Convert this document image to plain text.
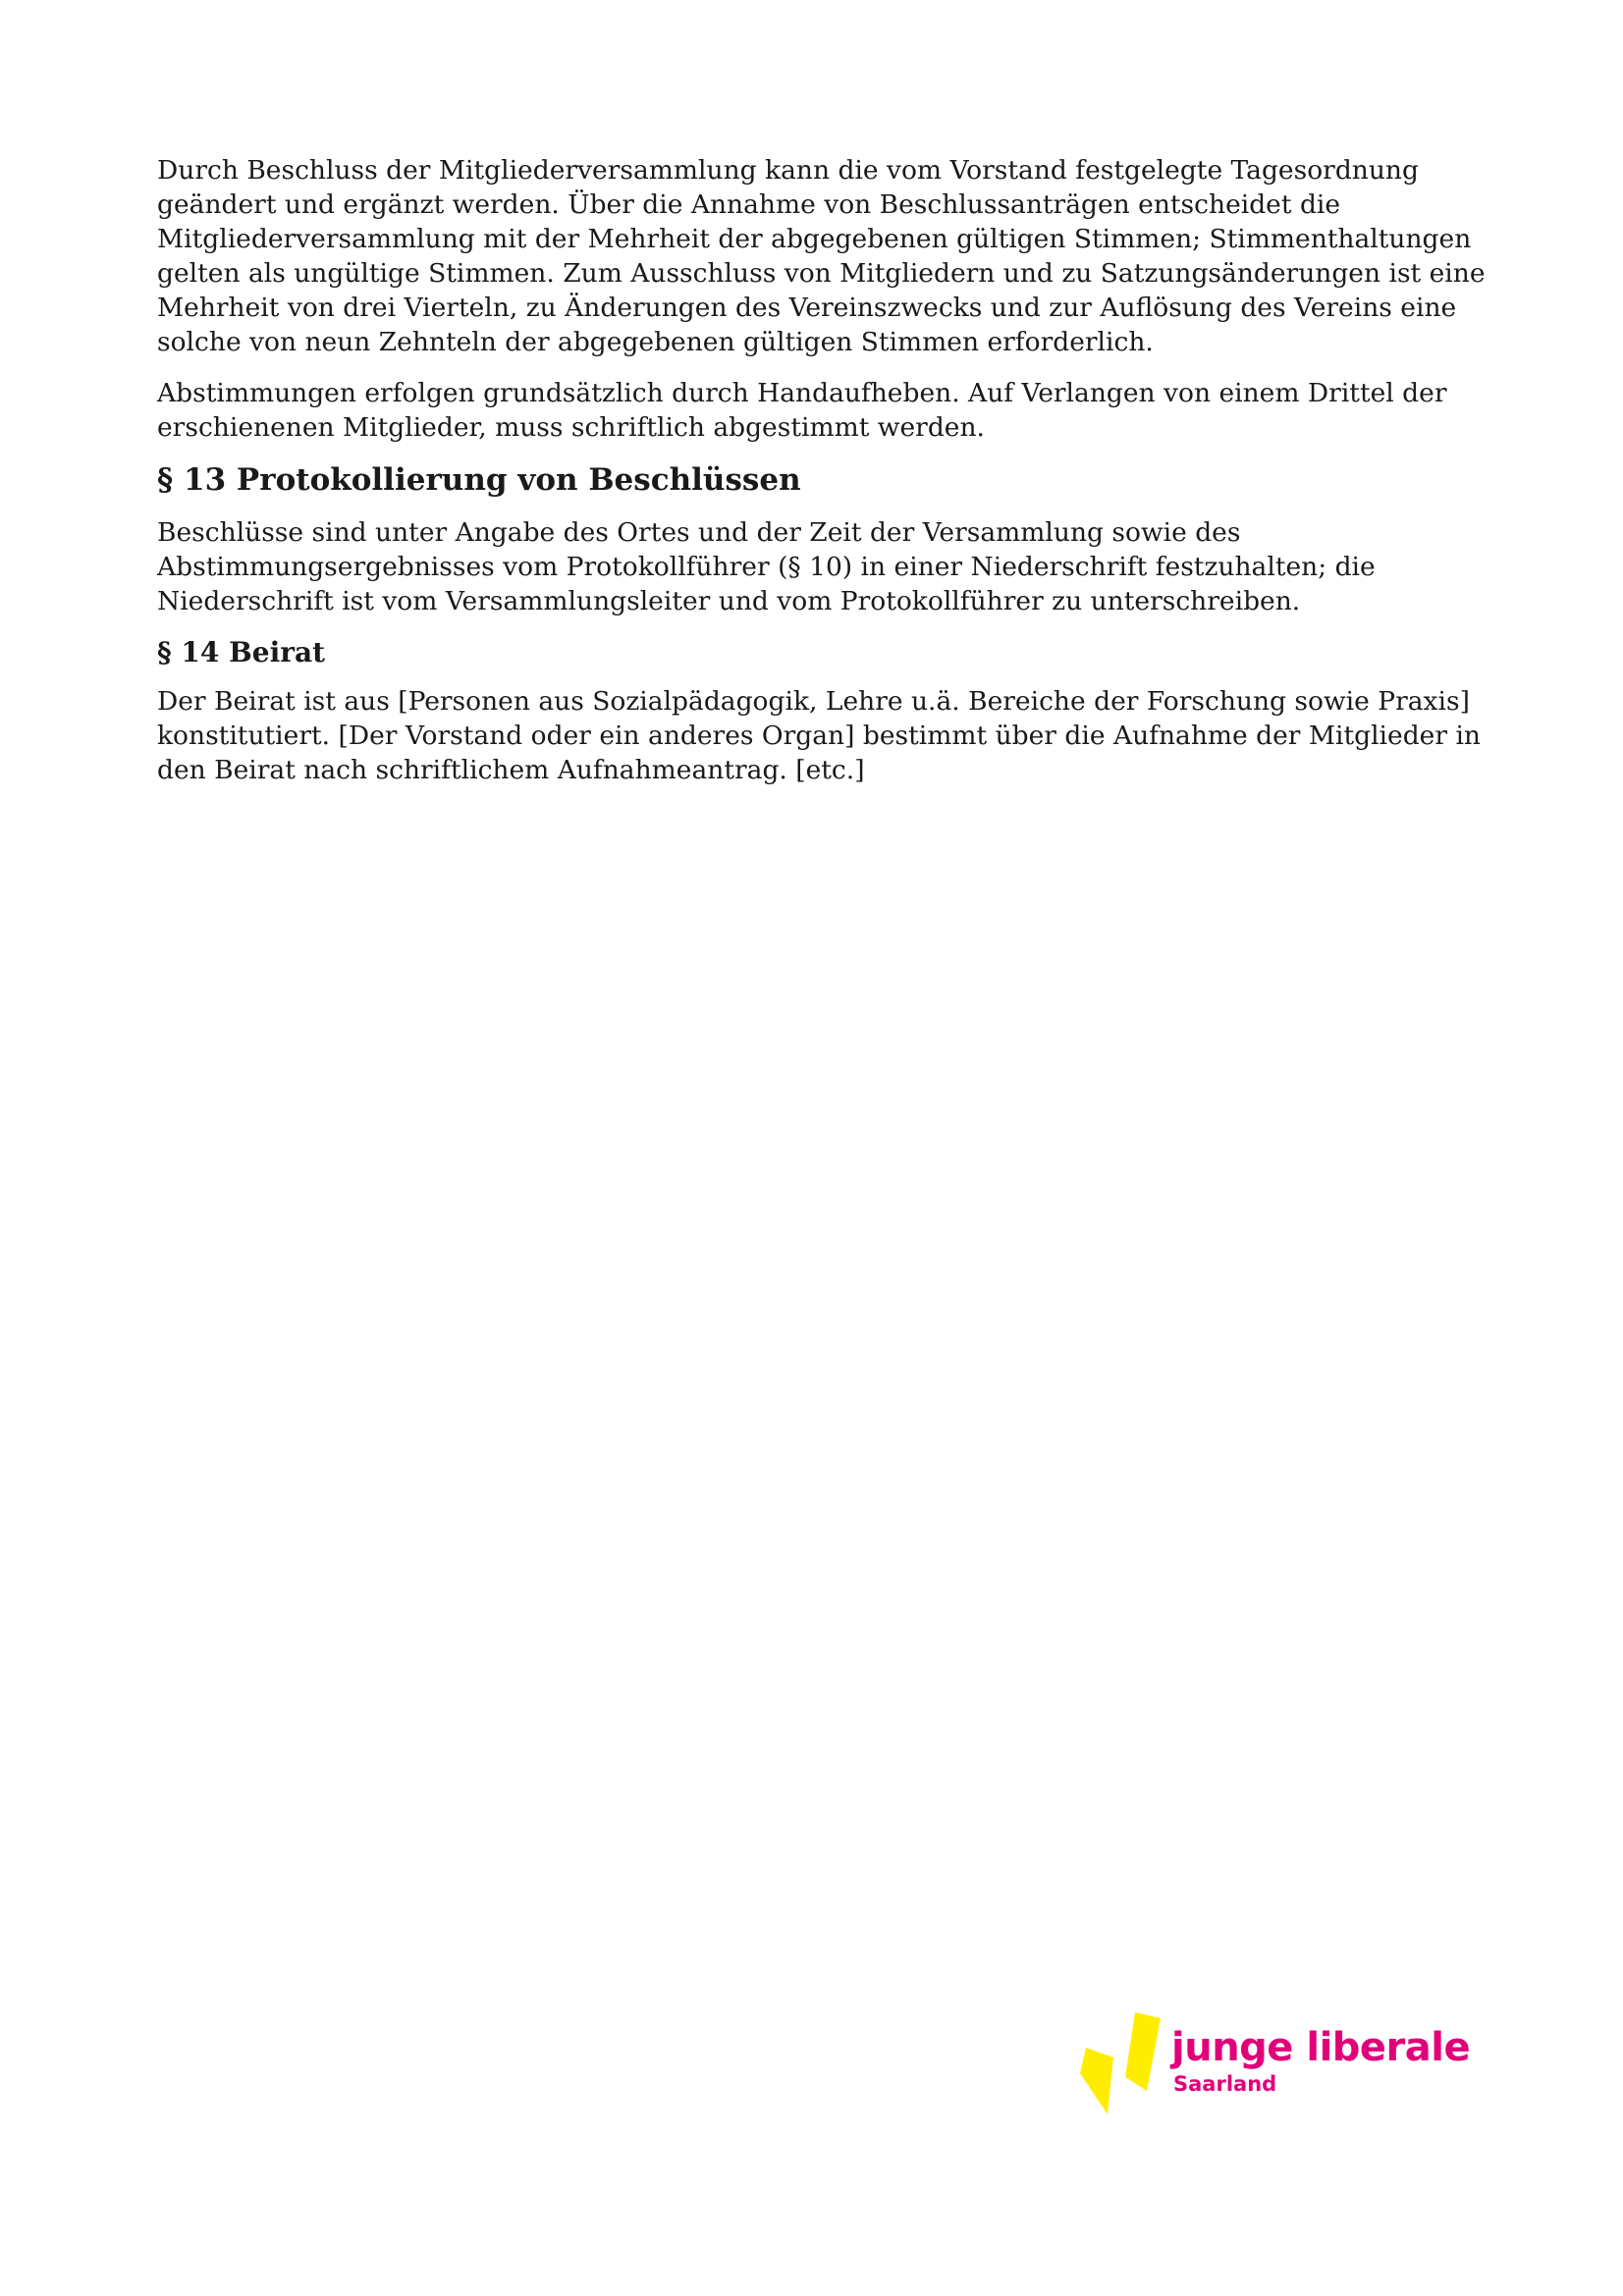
Durch Beschluss der Mitgliederversammlung kann die vom Vorstand festgelegte Tagesordnung geändert und ergänzt werden. Über die Annahme von Beschlussanträgen entscheidet die Mitgliederversammlung mit der Mehrheit der abgegebenen gültigen Stimmen; Stimmenthaltungen gelten als ungültige Stimmen. Zum Ausschluss von Mitgliedern und zu Satzungsänderungen ist eine Mehrheit von drei Vierteln, zu Änderungen des Vereinszwecks und zur Auflösung des Vereins eine solche von neun Zehnteln der abgegebenen gültigen Stimmen erforderlich.

Abstimmungen erfolgen grundsätzlich durch Handaufheben. Auf Verlangen von einem Drittel der erschienenen Mitglieder, muss schriftlich abgestimmt werden.

§ 13 Protokollierung von Beschlüssen

Beschlüsse sind unter Angabe des Ortes und der Zeit der Versammlung sowie des Abstimmungsergebnisses vom Protokollführer (§ 10) in einer Niederschrift festzuhalten; die Niederschrift ist vom Versammlungsleiter und vom Protokollführer zu unterschreiben.

§ 14 Beirat

Der Beirat ist aus [Personen aus Sozialpädagogik, Lehre u.ä. Bereiche der Forschung sowie Praxis] konstitutiert. [Der Vorstand oder ein anderes Organ] bestimmt über die Aufnahme der Mitglieder in den Beirat nach schriftlichem Aufnahmeantrag. [etc.]

junge liberale
Saarland
